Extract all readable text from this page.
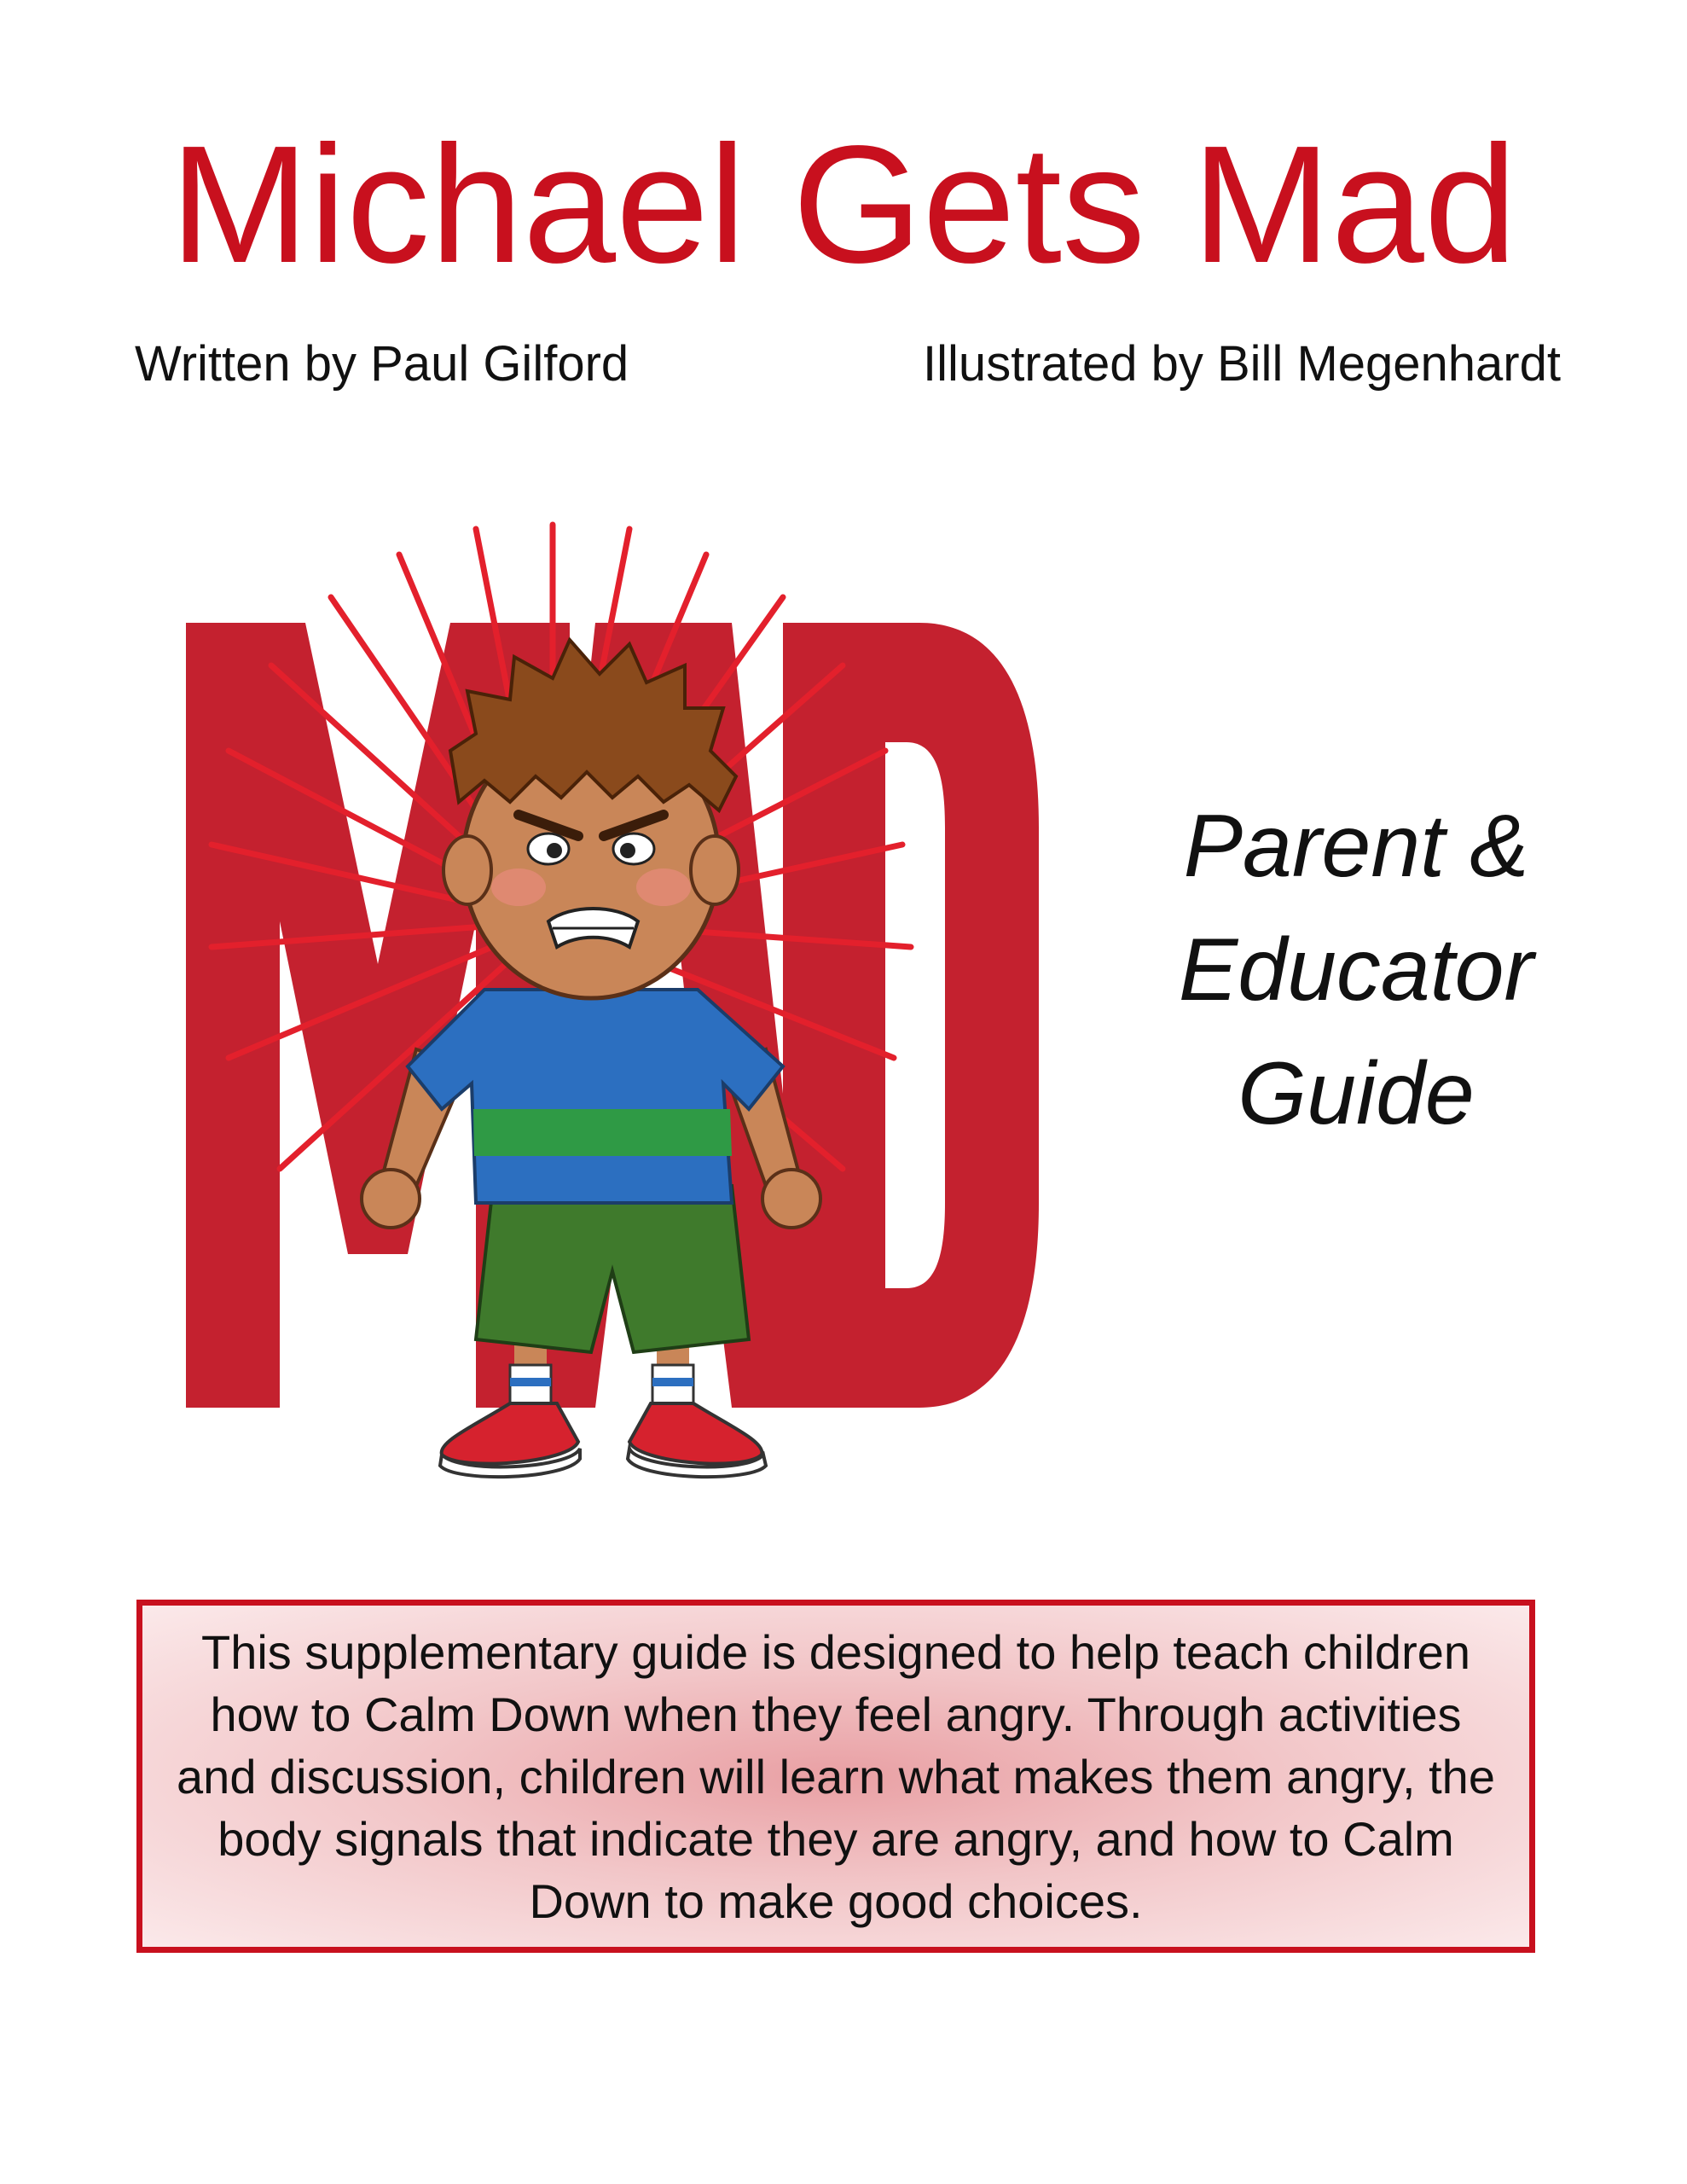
Michael Gets Mad
Written by Paul Gilford	Illustrated by Bill Megenhardt
Parent &
Educator
Guide
This supplementary guide is designed to help teach children how to Calm Down when they feel angry. Through activities and discussion, children will learn what makes them angry, the body signals that indicate they are angry, and how to Calm Down to make good choices.
